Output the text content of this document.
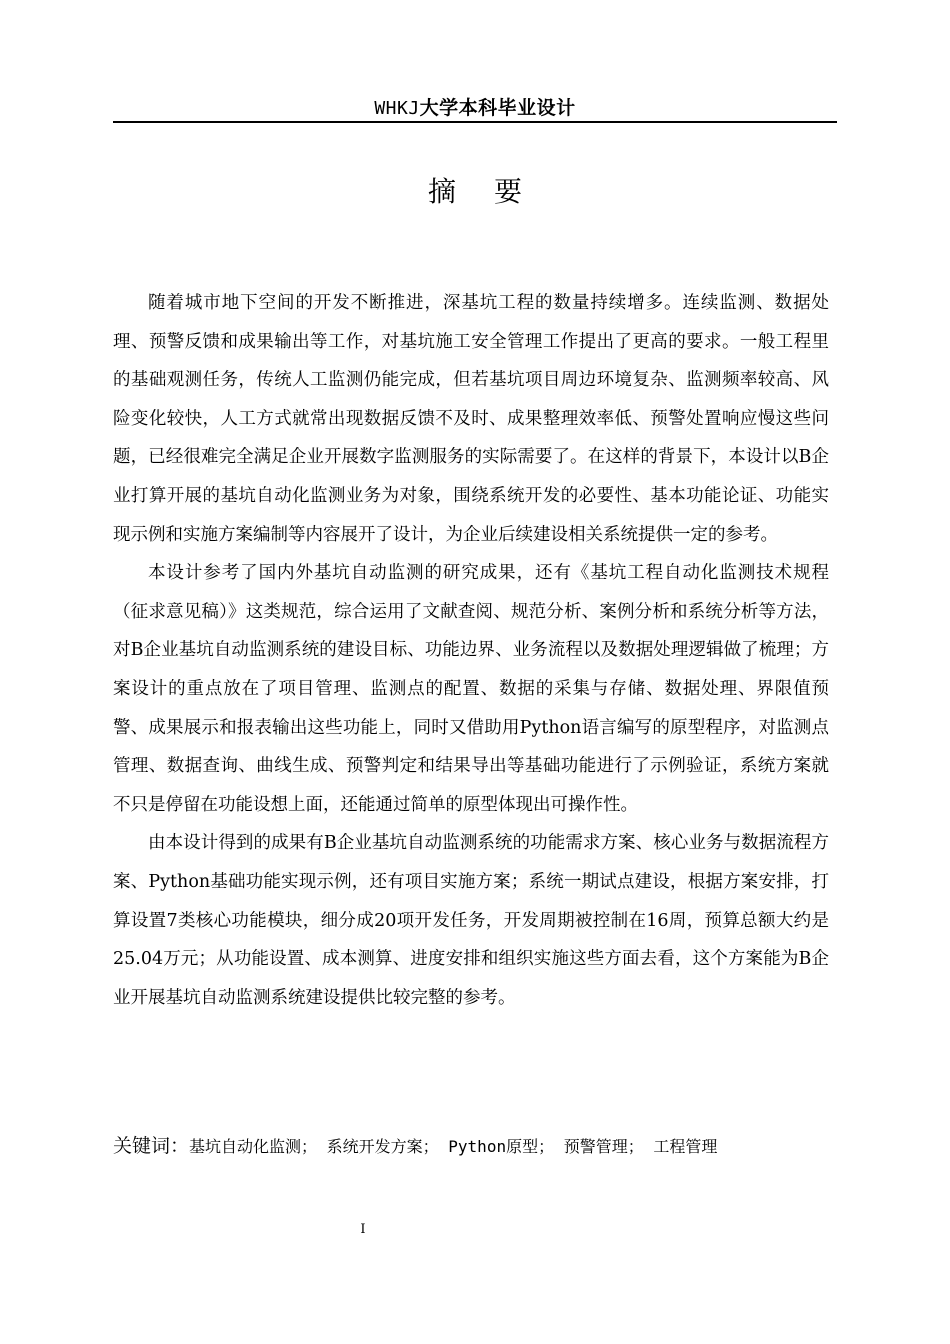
WHKJ大学本科毕业设计
摘要

随着城市地下空间的开发不断推进，深基坑工程的数量持续增多。连续监测、数据处理、预警反馈和成果输出等工作，对基坑施工安全管理工作提出了更高的要求。一般工程里的基础观测任务，传统人工监测仍能完成，但若基坑项目周边环境复杂、监测频率较高、风险变化较快，人工方式就常出现数据反馈不及时、成果整理效率低、预警处置响应慢这些问题，已经很难完全满足企业开展数字监测服务的实际需要了。在这样的背景下，本设计以B企业打算开展的基坑自动化监测业务为对象，围绕系统开发的必要性、基本功能论证、功能实现示例和实施方案编制等内容展开了设计，为企业后续建设相关系统提供一定的参考。

本设计参考了国内外基坑自动监测的研究成果，还有《基坑工程自动化监测技术规程（征求意见稿）》这类规范，综合运用了文献查阅、规范分析、案例分析和系统分析等方法，对B企业基坑自动监测系统的建设目标、功能边界、业务流程以及数据处理逻辑做了梳理；方案设计的重点放在了项目管理、监测点的配置、数据的采集与存储、数据处理、界限值预警、成果展示和报表输出这些功能上，同时又借助用Python语言编写的原型程序，对监测点管理、数据查询、曲线生成、预警判定和结果导出等基础功能进行了示例验证，系统方案就不只是停留在功能设想上面，还能通过简单的原型体现出可操作性。

由本设计得到的成果有B企业基坑自动监测系统的功能需求方案、核心业务与数据流程方案、Python基础功能实现示例，还有项目实施方案；系统一期试点建设，根据方案安排，打算设置7类核心功能模块，细分成20项开发任务，开发周期被控制在16周，预算总额大约是25.04万元；从功能设置、成本测算、进度安排和组织实施这些方面去看，这个方案能为B企业开展基坑自动监测系统建设提供比较完整的参考。

关键词：基坑自动化监测； 系统开发方案； Python原型； 预警管理； 工程管理
I
